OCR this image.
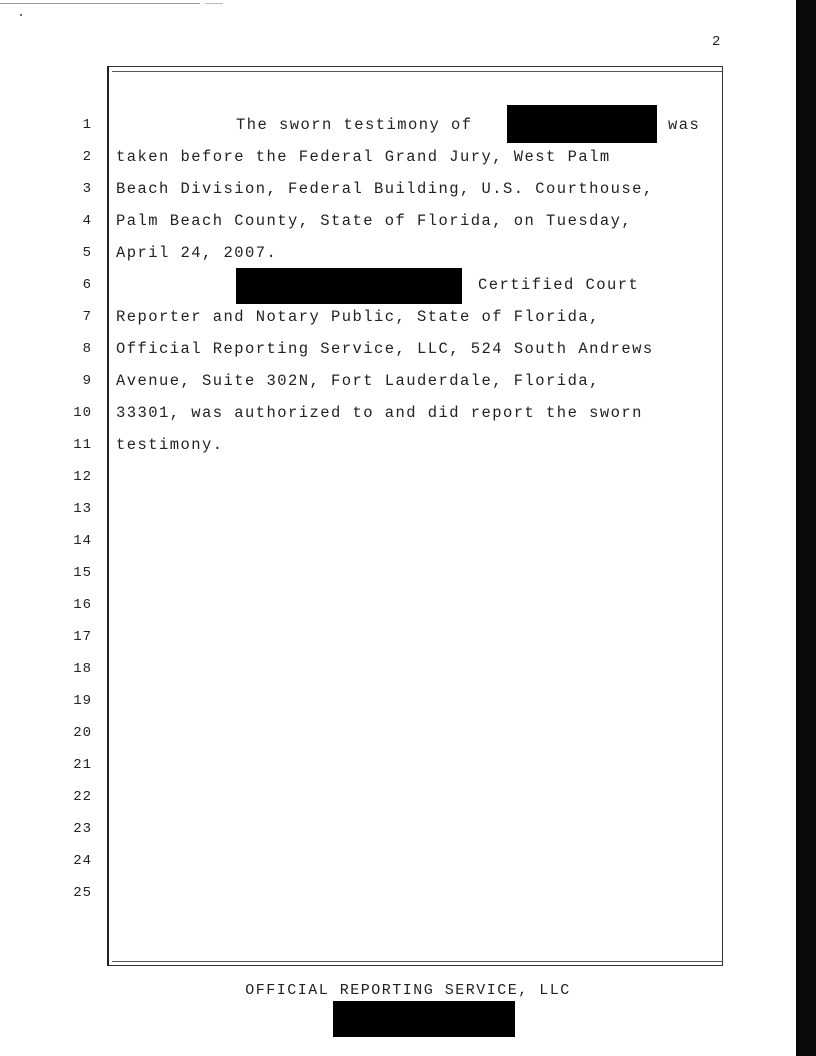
2
1
2
3
4
5
6
7
8
9
10
11
12
13
14
15
16
17
18
19
20
21
22
23
24
25
The sworn testimony of	was
taken before the Federal Grand Jury, West Palm
Beach Division, Federal Building, U.S. Courthouse,
Palm Beach County, State of Florida, on Tuesday,
April 24, 2007.
Certified Court
Reporter and Notary Public, State of Florida,
Official Reporting Service, LLC, 524 South Andrews
Avenue, Suite 302N, Fort Lauderdale, Florida,
33301, was authorized to and did report the sworn
testimony.
OFFICIAL REPORTING SERVICE, LLC
